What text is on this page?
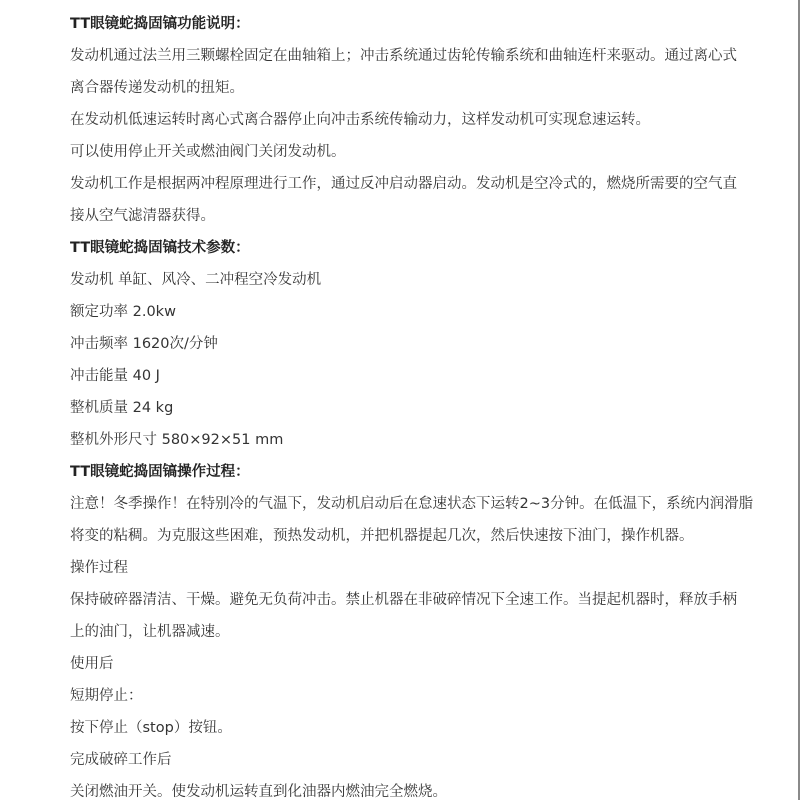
TT眼镜蛇捣固镐功能说明：
发动机通过法兰用三颗螺栓固定在曲轴箱上；冲击系统通过齿轮传输系统和曲轴连杆来驱动。通过离心式
离合器传递发动机的扭矩。
在发动机低速运转时离心式离合器停止向冲击系统传输动力，这样发动机可实现怠速运转。
可以使用停止开关或燃油阀门关闭发动机。
发动机工作是根据两冲程原理进行工作，通过反冲启动器启动。发动机是空冷式的，燃烧所需要的空气直
接从空气滤清器获得。
TT眼镜蛇捣固镐技术参数：
发动机 单缸、风冷、二冲程空冷发动机
额定功率 2.0kw
冲击频率 1620次/分钟
冲击能量 40 J
整机质量 24 kg
整机外形尺寸 580×92×51 mm
TT眼镜蛇捣固镐操作过程：
注意！冬季操作！在特别冷的气温下，发动机启动后在怠速状态下运转2~3分钟。在低温下，系统内润滑脂
将变的粘稠。为克服这些困难，预热发动机，并把机器提起几次，然后快速按下油门，操作机器。
操作过程
保持破碎器清洁、干燥。避免无负荷冲击。禁止机器在非破碎情况下全速工作。当提起机器时，释放手柄
上的油门，让机器减速。
使用后
短期停止：
按下停止（stop）按钮。
完成破碎工作后
关闭燃油开关。使发动机运转直到化油器内燃油完全燃烧。
